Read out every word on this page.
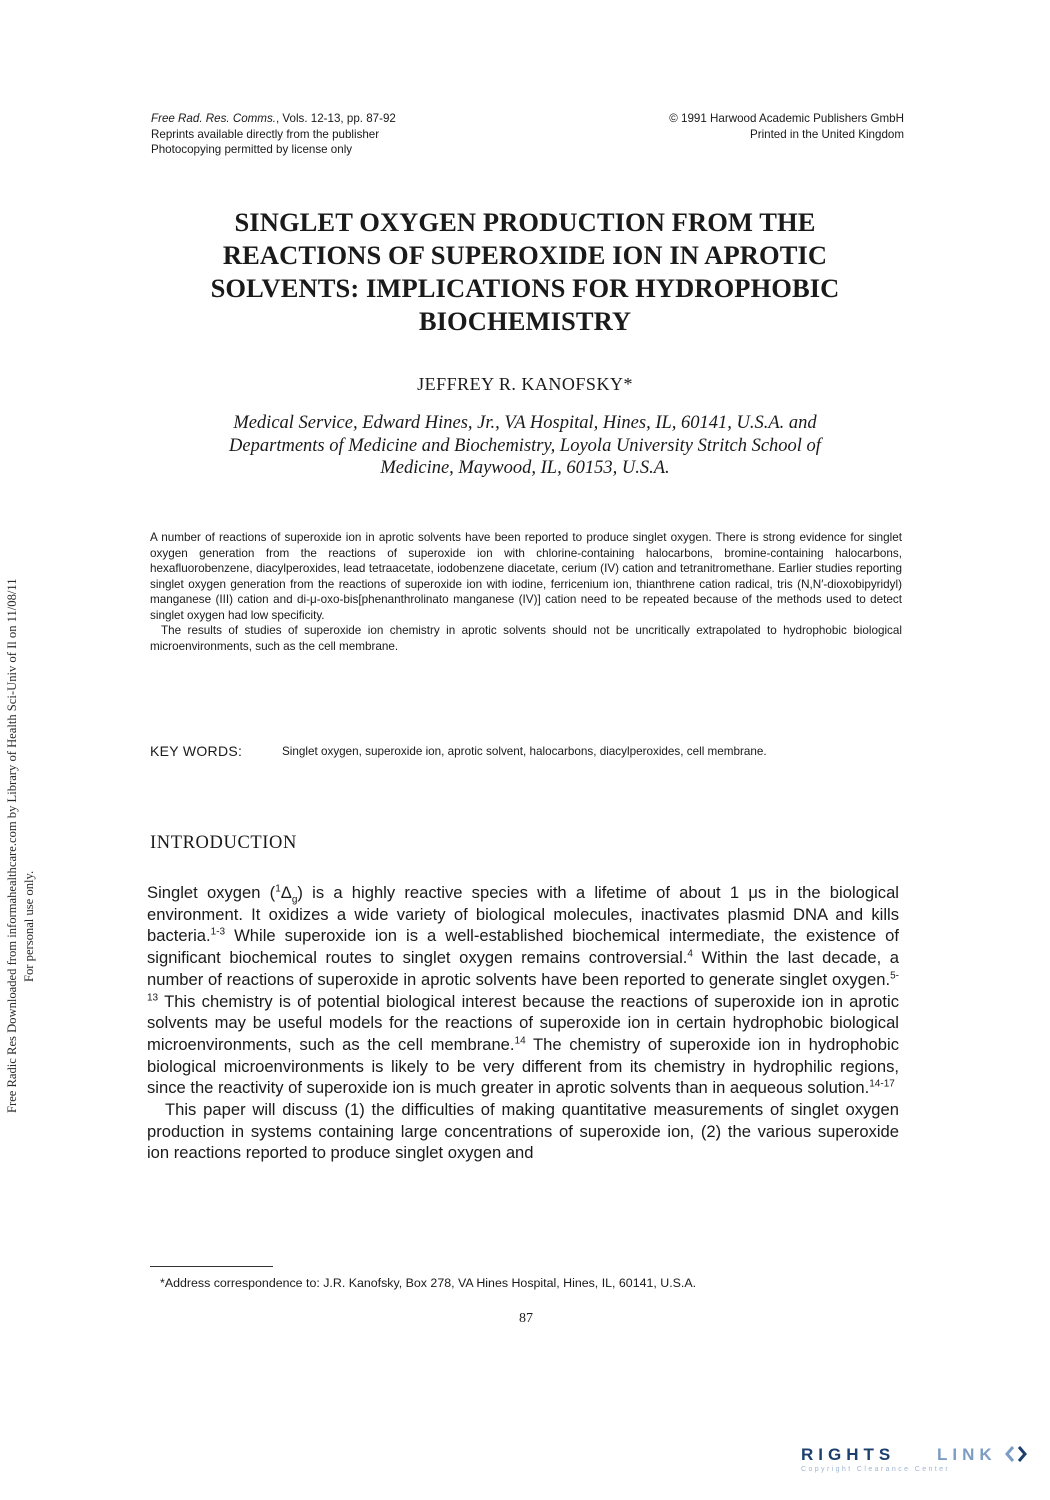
Free Radic Res Downloaded from informahealthcare.com by Library of Health Sci-Univ of Il on 11/08/11 For personal use only.
Free Rad. Res. Comms., Vols. 12-13, pp. 87-92
Reprints available directly from the publisher
Photocopying permitted by license only
© 1991 Harwood Academic Publishers GmbH
Printed in the United Kingdom
SINGLET OXYGEN PRODUCTION FROM THE
REACTIONS OF SUPEROXIDE ION IN APROTIC
SOLVENTS: IMPLICATIONS FOR HYDROPHOBIC
BIOCHEMISTRY
JEFFREY R. KANOFSKY*
Medical Service, Edward Hines, Jr., VA Hospital, Hines, IL, 60141, U.S.A. and
Departments of Medicine and Biochemistry, Loyola University Stritch School of
Medicine, Maywood, IL, 60153, U.S.A.

A number of reactions of superoxide ion in aprotic solvents have been reported to produce singlet oxygen. There is strong evidence for singlet oxygen generation from the reactions of superoxide ion with chlorine-containing halocarbons, bromine-containing halocarbons, hexafluorobenzene, diacylperoxides, lead tetraacetate, iodobenzene diacetate, cerium (IV) cation and tetranitromethane. Earlier studies reporting singlet oxygen generation from the reactions of superoxide ion with iodine, ferricenium ion, thianthrene cation radical, tris (N,N′-dioxobipyridyl) manganese (III) cation and di-μ-oxo-bis[phenanthrolinato manganese (IV)] cation need to be repeated because of the methods used to detect singlet oxygen had low specificity.

The results of studies of superoxide ion chemistry in aprotic solvents should not be uncritically extrapolated to hydrophobic biological microenvironments, such as the cell membrane.

KEY WORDS:	Singlet oxygen, superoxide ion, aprotic solvent, halocarbons, diacylperoxides, cell membrane.
INTRODUCTION

Singlet oxygen $(^1\Delta_g)$ is a highly reactive species with a lifetime of about 1 μs in the biological environment. It oxidizes a wide variety of biological molecules, inactivates plasmid DNA and kills bacteria.$^{1-3}$ While superoxide ion is a well-established biochemical intermediate, the existence of significant biochemical routes to singlet oxygen remains controversial.$^4$ Within the last decade, a number of reactions of superoxide in aprotic solvents have been reported to generate singlet oxygen.$^{5-13}$ This chemistry is of potential biological interest because the reactions of superoxide ion in aprotic solvents may be useful models for the reactions of superoxide ion in certain hydrophobic biological microenvironments, such as the cell membrane.$^{14}$ The chemistry of superoxide ion in hydrophobic biological microenvironments is likely to be very different from its chemistry in hydrophilic regions, since the reactivity of superoxide ion is much greater in aprotic solvents than in aequeous solution.$^{14-17}$

This paper will discuss (1) the difficulties of making quantitative measurements of singlet oxygen production in systems containing large concentrations of superoxide ion, (2) the various superoxide ion reactions reported to produce singlet oxygen and

*Address correspondence to: J.R. Kanofsky, Box 278, VA Hines Hospital, Hines, IL, 60141, U.S.A.
87
RIGHTS LINK
Copyright Clearance Center
